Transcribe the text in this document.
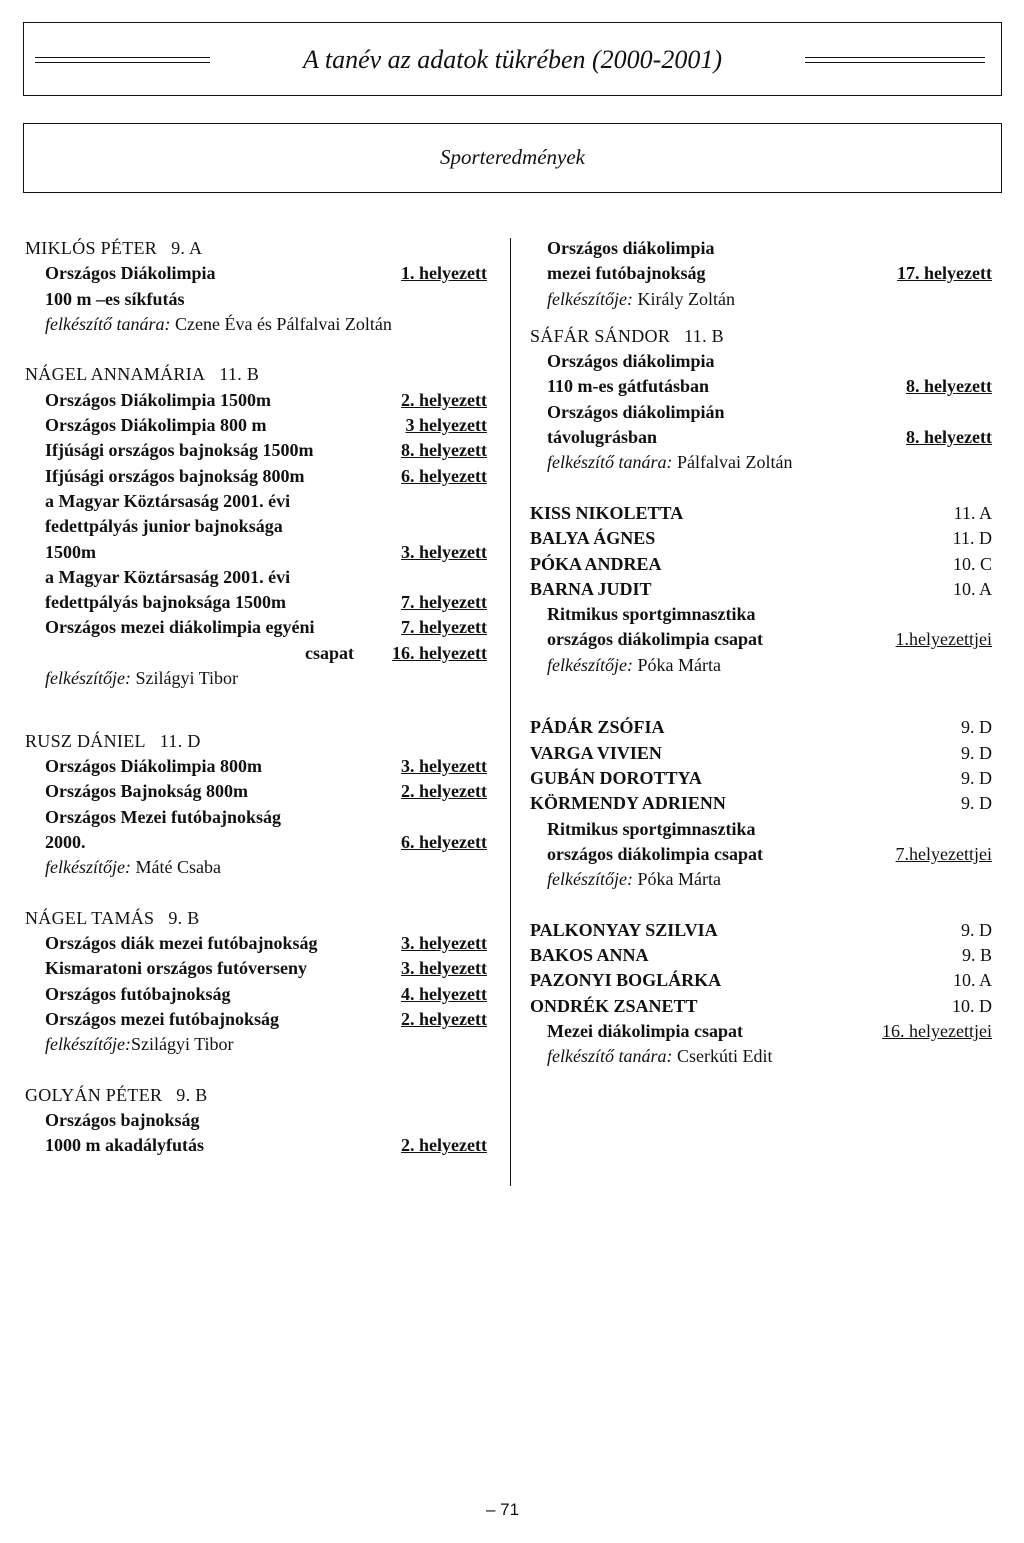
A tanév az adatok tükrében (2000-2001)
Sporteredmények
MIKLÓS PÉTER 9. A
Országos Diákolimpia	1. helyezett
100 m –es síkfutás
felkészítő tanára: Czene Éva és Pálfalvai Zoltán
NÁGEL ANNAMÁRIA 11. B
Országos Diákolimpia 1500m	2. helyezett
Országos Diákolimpia 800 m	3 helyezett
Ifjúsági országos bajnokság 1500m	8. helyezett
Ifjúsági országos bajnokság 800m	6. helyezett
a Magyar Köztársaság 2001. évi
fedettpályás junior bajnoksága
1500m	3. helyezett
a Magyar Köztársaság 2001. évi
fedettpályás bajnoksága 1500m	7. helyezett
Országos mezei diákolimpia egyéni	7. helyezett
csapat 16. helyezett
felkészítője: Szilágyi Tibor
RUSZ DÁNIEL 11. D
Országos Diákolimpia 800m	3. helyezett
Országos Bajnokság 800m	2. helyezett
Országos Mezei futóbajnokság
2000.	6. helyezett
felkészítője: Máté Csaba
NÁGEL TAMÁS 9. B
Országos diák mezei futóbajnokság	3. helyezett
Kismaratoni országos futóverseny	3. helyezett
Országos futóbajnokság	4. helyezett
Országos mezei futóbajnokság	2. helyezett
felkészítője:Szilágyi Tibor
GOLYÁN PÉTER 9. B
Országos bajnokság
1000 m akadályfutás	2. helyezett
Országos diákolimpia
mezei futóbajnokság	17. helyezett
felkészítője: Király Zoltán
SÁFÁR SÁNDOR 11. B
Országos diákolimpia
110 m-es gátfutásban	8. helyezett
Országos diákolimpián
távolugrásban	8. helyezett
felkészítő tanára: Pálfalvai Zoltán
KISS NIKOLETTA	11. A
BALYA ÁGNES	11. D
PÓKA ANDREA	10. C
BARNA JUDIT	10. A
Ritmikus sportgimnasztika
országos diákolimpia csapat	1.helyezettjei
felkészítője: Póka Márta
PÁDÁR ZSÓFIA	9. D
VARGA VIVIEN	9. D
GUBÁN DOROTTYA	9. D
KÖRMENDY ADRIENN	9. D
Ritmikus sportgimnasztika
országos diákolimpia csapat	7.helyezettjei
felkészítője: Póka Márta
PALKONYAY SZILVIA	9. D
BAKOS ANNA	9. B
PAZONYI BOGLÁRKA	10. A
ONDRÉK ZSANETT	10. D
Mezei diákolimpia csapat	16. helyezettjei
felkészítő tanára: Cserkúti Edit
– 71
